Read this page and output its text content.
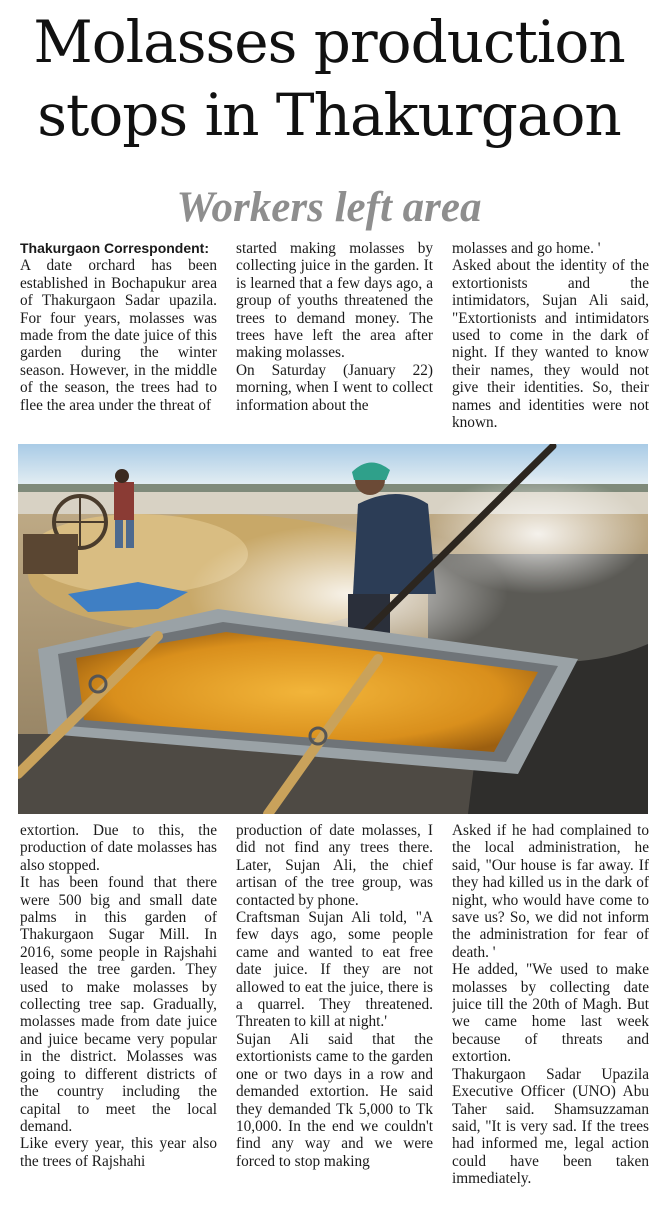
Molasses production
stops in Thakurgaon
Workers left area

Thakurgaon Correspondent:
A date orchard has been established in Bochapukur area of Thakurgaon Sadar upazila. For four years, molasses was made from the date juice of this garden during the winter season. However, in the middle of the season, the trees had to flee the area under the threat of

started making molasses by collecting juice in the garden. It is learned that a few days ago, a group of youths threatened the trees to demand money. The trees have left the area after making molasses.

On Saturday (January 22) morning, when I went to collect information about the

molasses and go home. '

Asked about the identity of the extortionists and the intimidators, Sujan Ali said, "Extortionists and intimidators used to come in the dark of night. If they wanted to know their names, they would not give their identities. So, their names and identities were not known.

extortion. Due to this, the production of date molasses has also stopped.

It has been found that there were 500 big and small date palms in this garden of Thakurgaon Sugar Mill. In 2016, some people in Rajshahi leased the tree garden. They used to make molasses by collecting tree sap. Gradually, molasses made from date juice and juice became very popular in the district. Molasses was going to different districts of the country including the capital to meet the local demand.

Like every year, this year also the trees of Rajshahi

production of date molasses, I did not find any trees there. Later, Sujan Ali, the chief artisan of the tree group, was contacted by phone.

Craftsman Sujan Ali told, "A few days ago, some people came and wanted to eat free date juice. If they are not allowed to eat the juice, there is a quarrel. They threatened. Threaten to kill at night.'

Sujan Ali said that the extortionists came to the garden one or two days in a row and demanded extortion. He said they demanded Tk 5,000 to Tk 10,000. In the end we couldn't find any way and we were forced to stop making

Asked if he had complained to the local administration, he said, "Our house is far away. If they had killed us in the dark of night, who would have come to save us? So, we did not inform the administration for fear of death. '

He added, "We used to make molasses by collecting date juice till the 20th of Magh. But we came home last week because of threats and extortion.

Thakurgaon Sadar Upazila Executive Officer (UNO) Abu Taher said. Shamsuzzaman said, "It is very sad. If the trees had informed me, legal action could have been taken immediately.
